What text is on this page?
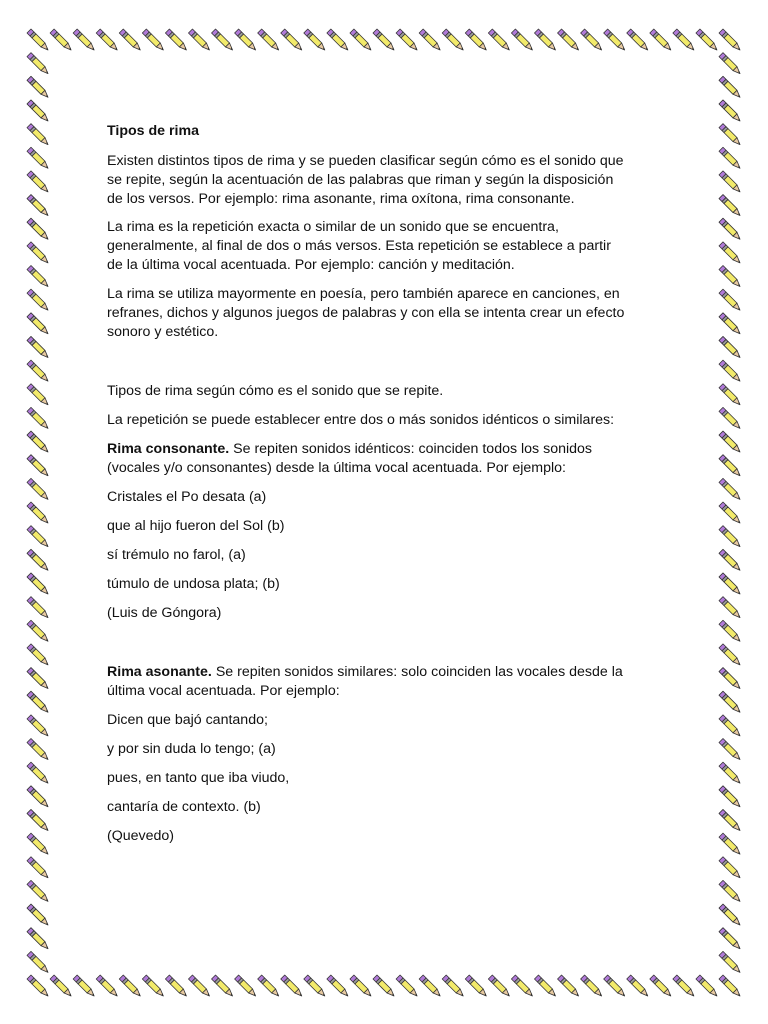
Tipos de rima

Existen distintos tipos de rima y se pueden clasificar según cómo es el sonido que

se repite, según la acentuación de las palabras que riman y según la disposición

de los versos. Por ejemplo: rima asonante, rima oxítona, rima consonante.

La rima es la repetición exacta o similar de un sonido que se encuentra,

generalmente, al final de dos o más versos. Esta repetición se establece a partir

de la última vocal acentuada. Por ejemplo: canción y meditación.

La rima se utiliza mayormente en poesía, pero también aparece en canciones, en

refranes, dichos y algunos juegos de palabras y con ella se intenta crear un efecto

sonoro y estético.

Tipos de rima según cómo es el sonido que se repite.

La repetición se puede establecer entre dos o más sonidos idénticos o similares:

Rima consonante. Se repiten sonidos idénticos: coinciden todos los sonidos

(vocales y/o consonantes) desde la última vocal acentuada. Por ejemplo:

Cristales el Po desata (a)

que al hijo fueron del Sol (b)

sí trémulo no farol, (a)

túmulo de undosa plata; (b)

(Luis de Góngora)

Rima asonante. Se repiten sonidos similares: solo coinciden las vocales desde la

última vocal acentuada. Por ejemplo:

Dicen que bajó cantando;

y por sin duda lo tengo; (a)

pues, en tanto que iba viudo,

cantaría de contexto. (b)

(Quevedo)
